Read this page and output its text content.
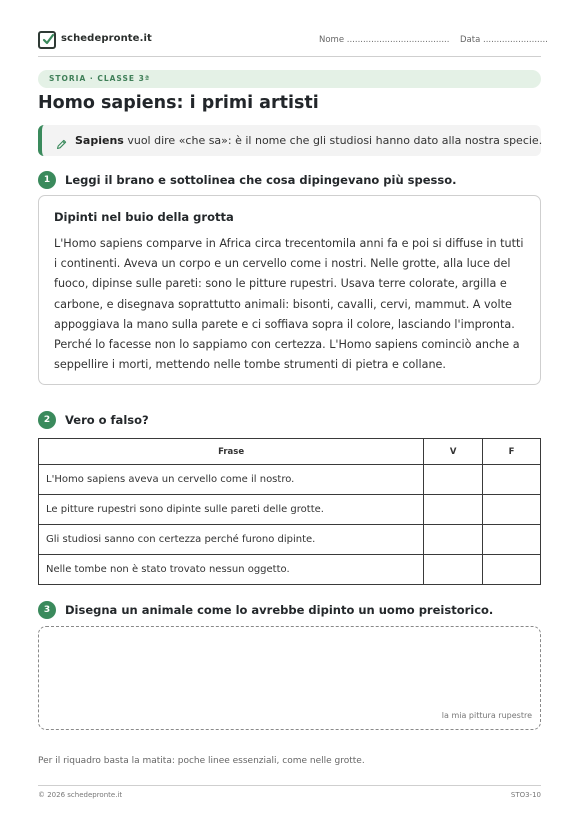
schedepronte.it	Nome ...................................... Data ........................
STORIA · CLASSE 3ª
Homo sapiens: i primi artisti
Sapiens vuol dire «che sa»: è il nome che gli studiosi hanno dato alla nostra specie.
1	Leggi il brano e sottolinea che cosa dipingevano più spesso.
Dipinti nel buio della grotta
L'Homo sapiens comparve in Africa circa trecentomila anni fa e poi si diffuse in tutti
i continenti. Aveva un corpo e un cervello come i nostri. Nelle grotte, alla luce del
fuoco, dipinse sulle pareti: sono le pitture rupestri. Usava terre colorate, argilla e
carbone, e disegnava soprattutto animali: bisonti, cavalli, cervi, mammut. A volte
appoggiava la mano sulla parete e ci soffiava sopra il colore, lasciando l'impronta.
Perché lo facesse non lo sappiamo con certezza. L'Homo sapiens cominciò anche a
seppellire i morti, mettendo nelle tombe strumenti di pietra e collane.
2	Vero o falso?
Frase	V	F
L'Homo sapiens aveva un cervello come il nostro.		
Le pitture rupestri sono dipinte sulle pareti delle grotte.		
Gli studiosi sanno con certezza perché furono dipinte.		
Nelle tombe non è stato trovato nessun oggetto.		
3	Disegna un animale come lo avrebbe dipinto un uomo preistorico.
la mia pittura rupestre
Per il riquadro basta la matita: poche linee essenziali, come nelle grotte.
© 2026 schedepronte.it	STO3-10
